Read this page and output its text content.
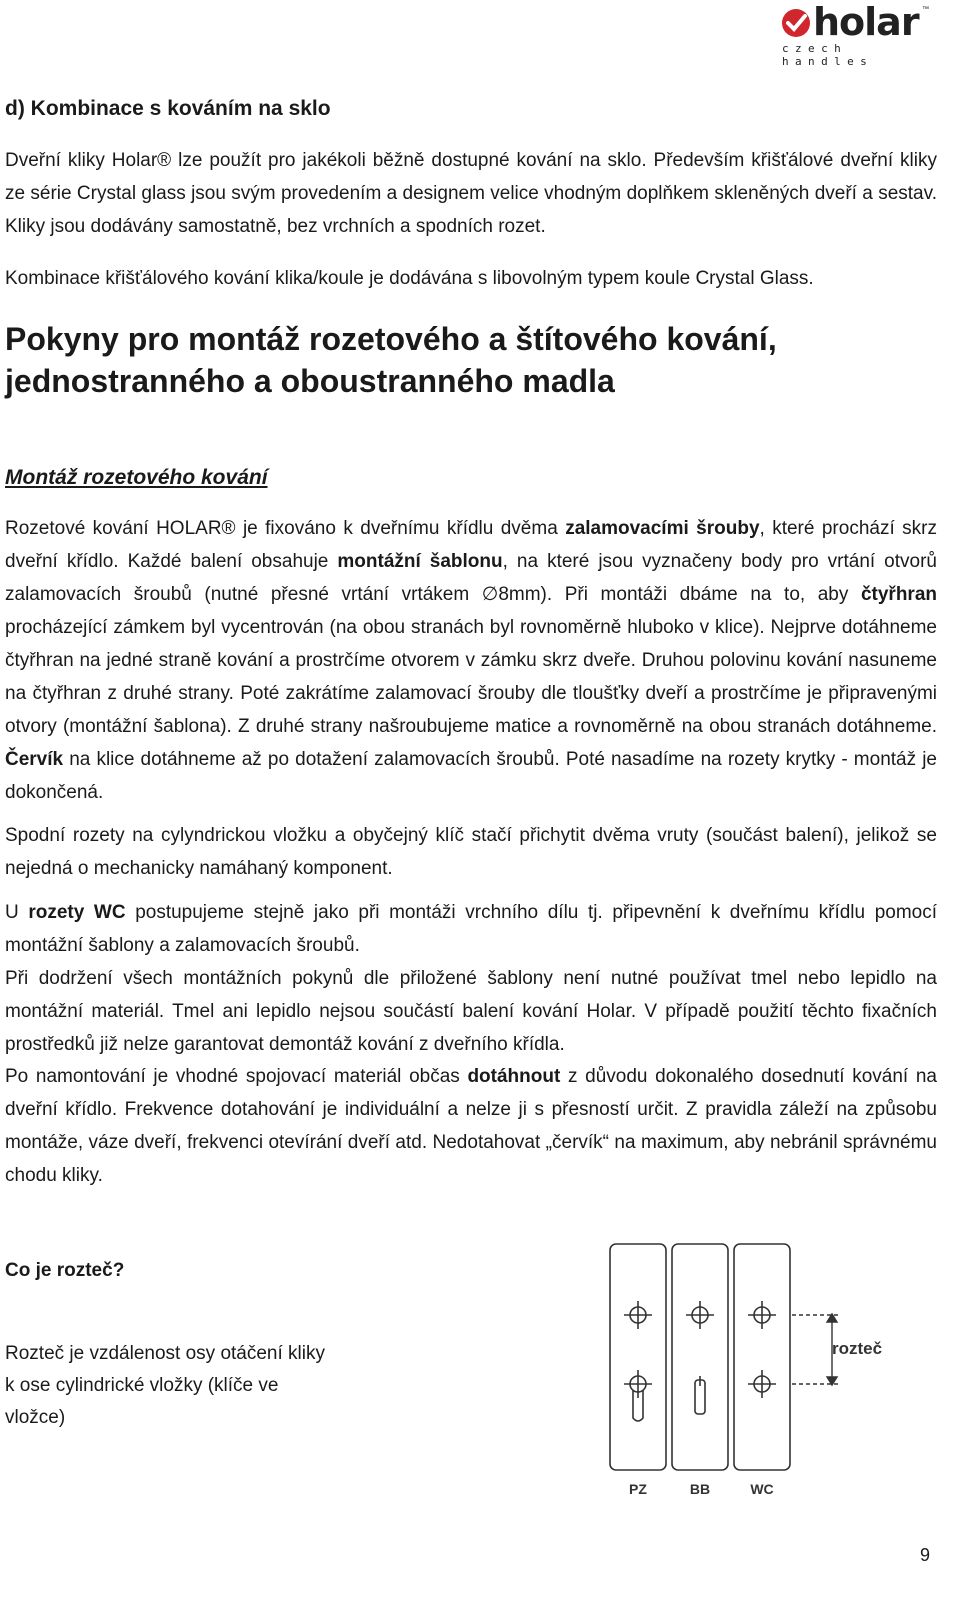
holar ™
czech handles
d) Kombinace s kováním na sklo
Dveřní kliky Holar® lze použít pro jakékoli běžně dostupné kování na sklo. Především křišťálové dveřní kliky ze série Crystal glass jsou svým provedením a designem velice vhodným doplňkem skleněných dveří a sestav. Kliky jsou dodávány samostatně, bez vrchních a spodních rozet.
Kombinace křišťálového kování klika/koule je dodávána s libovolným typem koule Crystal Glass.
Pokyny pro montáž rozetového a štítového kování, jednostranného a oboustranného madla
Montáž rozetového kování
Rozetové kování HOLAR® je fixováno k dveřnímu křídlu dvěma zalamovacími šrouby, které prochází skrz dveřní křídlo. Každé balení obsahuje montážní šablonu, na které jsou vyznačeny body pro vrtání otvorů zalamovacích šroubů (nutné přesné vrtání vrtákem ∅8mm). Při montáži dbáme na to, aby čtyřhran procházející zámkem byl vycentrován (na obou stranách byl rovnoměrně hluboko v klice). Nejprve dotáhneme čtyřhran na jedné straně kování a prostrčíme otvorem v zámku skrz dveře. Druhou polovinu kování nasuneme na čtyřhran z druhé strany. Poté zakrátíme zalamovací šrouby dle tloušťky dveří a prostrčíme je připravenými otvory (montážní šablona). Z druhé strany našroubujeme matice a rovnoměrně na obou stranách dotáhneme. Červík na klice dotáhneme až po dotažení zalamovacích šroubů. Poté nasadíme na rozety krytky - montáž je dokončená.
Spodní rozety na cylyndrickou vložku a obyčejný klíč stačí přichytit dvěma vruty (součást balení), jelikož se nejedná o mechanicky namáhaný komponent.
U rozety WC postupujeme stejně jako při montáži vrchního dílu tj. připevnění k dveřnímu křídlu pomocí montážní šablony a zalamovacích šroubů.
Při dodržení všech montážních pokynů dle přiložené šablony není nutné používat tmel nebo lepidlo na montážní materiál. Tmel ani lepidlo nejsou součástí balení kování Holar. V případě použití těchto fixačních prostředků již nelze garantovat demontáž kování z dveřního křídla.
Po namontování je vhodné spojovací materiál občas dotáhnout z důvodu dokonalého dosednutí kování na dveřní křídlo. Frekvence dotahování je individuální a nelze ji s přesností určit. Z pravidla záleží na způsobu montáže, váze dveří, frekvenci otevírání dveří atd. Nedotahovat „červík“ na maximum, aby nebránil správnému chodu kliky.
Co je rozteč?
Rozteč je vzdálenost osy otáčení kliky k ose cylindrické vložky (klíče ve vložce)
rozteč
PZ	BB	WC
9
